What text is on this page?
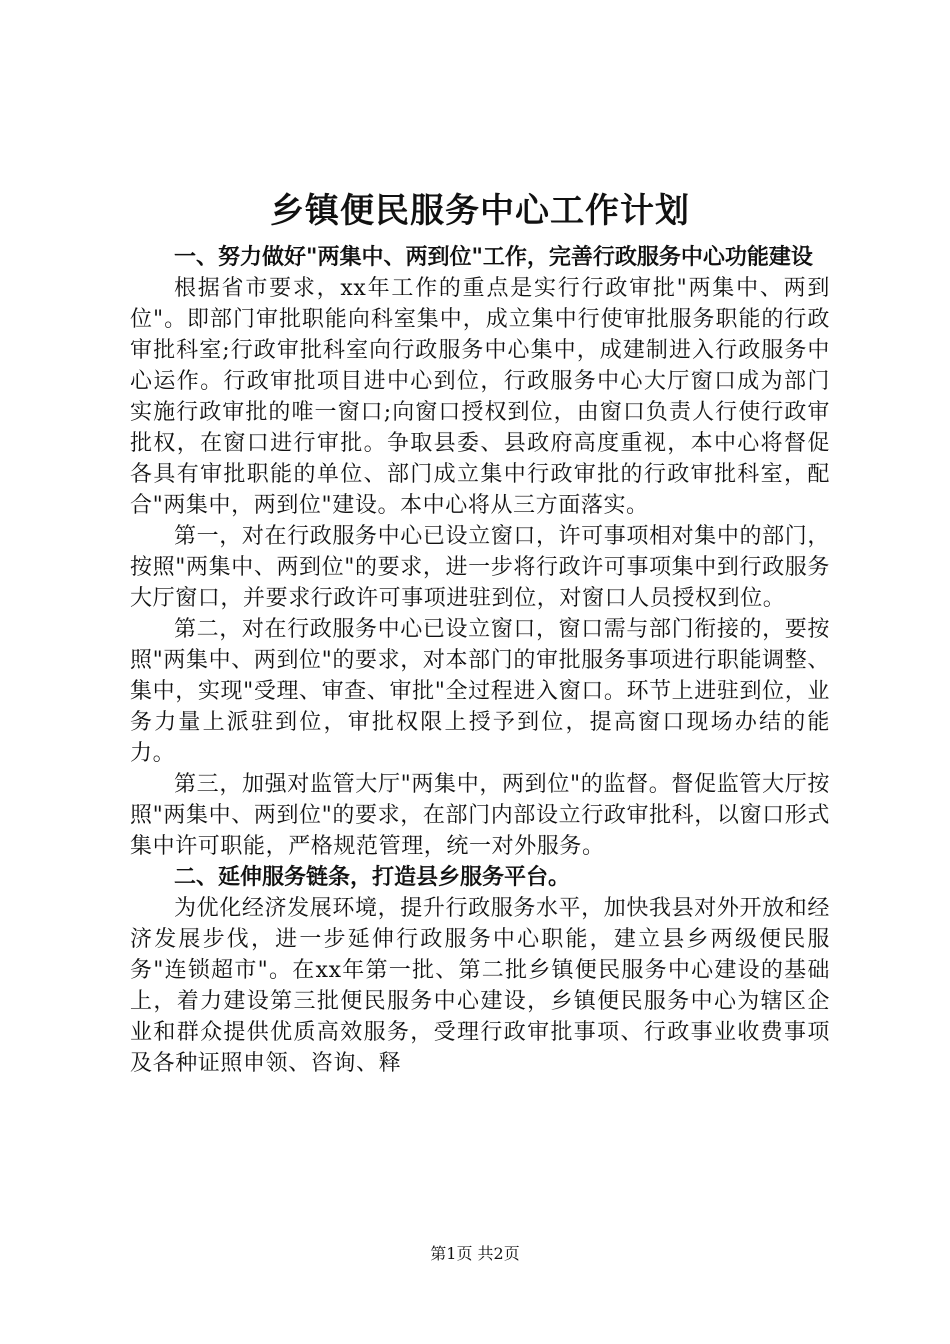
乡镇便民服务中心工作计划

一、努力做好"两集中、两到位"工作，完善行政服务中心功能建设

根据省市要求，xx年工作的重点是实行行政审批"两集中、两到位"。即部门审批职能向科室集中，成立集中行使审批服务职能的行政审批科室;行政审批科室向行政服务中心集中，成建制进入行政服务中心运作。行政审批项目进中心到位，行政服务中心大厅窗口成为部门实施行政审批的唯一窗口;向窗口授权到位，由窗口负责人行使行政审批权，在窗口进行审批。争取县委、县政府高度重视，本中心将督促各具有审批职能的单位、部门成立集中行政审批的行政审批科室，配合"两集中，两到位"建设。本中心将从三方面落实。

第一，对在行政服务中心已设立窗口，许可事项相对集中的部门，按照"两集中、两到位"的要求，进一步将行政许可事项集中到行政服务大厅窗口，并要求行政许可事项进驻到位，对窗口人员授权到位。

第二，对在行政服务中心已设立窗口，窗口需与部门衔接的，要按照"两集中、两到位"的要求，对本部门的审批服务事项进行职能调整、集中，实现"受理、审查、审批"全过程进入窗口。环节上进驻到位，业务力量上派驻到位，审批权限上授予到位，提高窗口现场办结的能力。

第三，加强对监管大厅"两集中，两到位"的监督。督促监管大厅按照"两集中、两到位"的要求，在部门内部设立行政审批科，以窗口形式集中许可职能，严格规范管理，统一对外服务。

二、延伸服务链条，打造县乡服务平台。

为优化经济发展环境，提升行政服务水平，加快我县对外开放和经济发展步伐，进一步延伸行政服务中心职能，建立县乡两级便民服务"连锁超市"。在xx年第一批、第二批乡镇便民服务中心建设的基础上，着力建设第三批便民服务中心建设，乡镇便民服务中心为辖区企业和群众提供优质高效服务，受理行政审批事项、行政事业收费事项及各种证照申领、咨询、释

第1页 共2页
